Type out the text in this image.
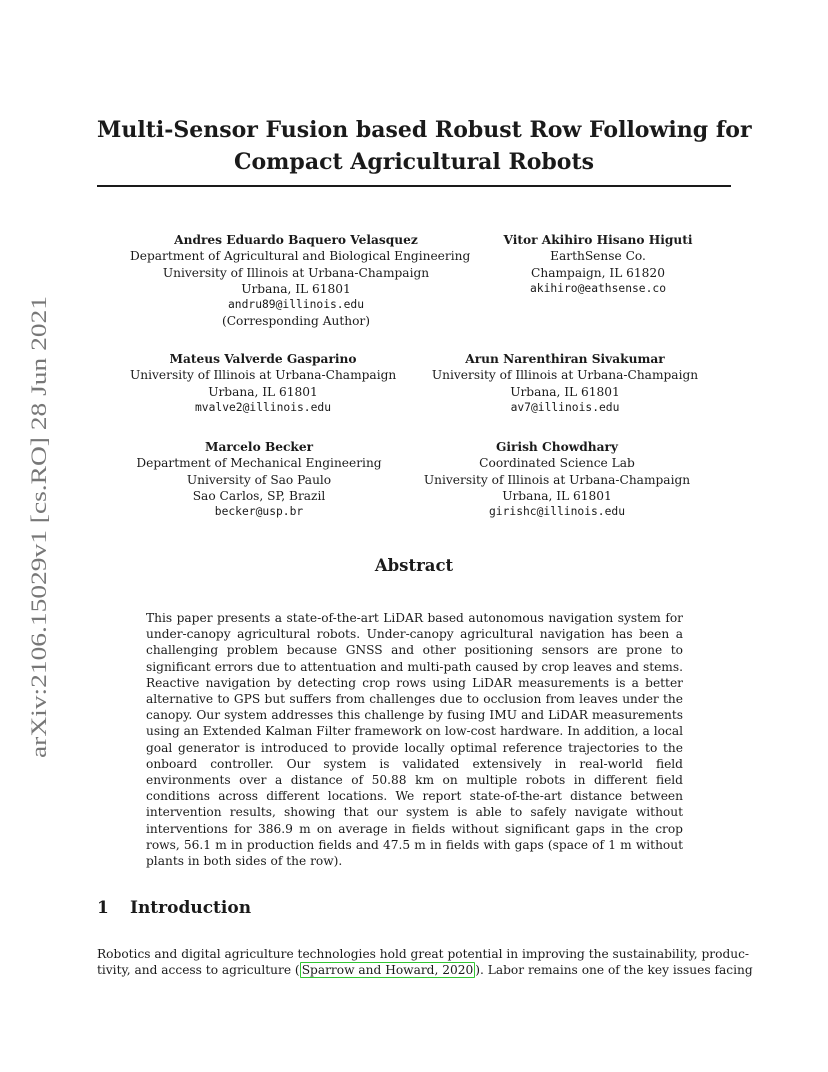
arXiv:2106.15029v1 [cs.RO] 28 Jun 2021
Multi-Sensor Fusion based Robust Row Following for
Compact Agricultural Robots
Andres Eduardo Baquero Velasquez
Department of Agricultural and Biological Engineering
University of Illinois at Urbana-Champaign
Urbana, IL 61801
andru89@illinois.edu
(Corresponding Author)
Vitor Akihiro Hisano Higuti
EarthSense Co.
Champaign, IL 61820
akihiro@eathsense.co
Mateus Valverde Gasparino
University of Illinois at Urbana-Champaign
Urbana, IL 61801
mvalve2@illinois.edu
Arun Narenthiran Sivakumar
University of Illinois at Urbana-Champaign
Urbana, IL 61801
av7@illinois.edu
Marcelo Becker
Department of Mechanical Engineering
University of Sao Paulo
Sao Carlos, SP, Brazil
becker@usp.br
Girish Chowdhary
Coordinated Science Lab
University of Illinois at Urbana-Champaign
Urbana, IL 61801
girishc@illinois.edu
Abstract
This paper presents a state-of-the-art LiDAR based autonomous navigation system for under-canopy agricultural robots. Under-canopy agricultural navigation has been a challenging problem because GNSS and other positioning sensors are prone to significant errors due to attentuation and multi-path caused by crop leaves and stems. Reactive navigation by detecting crop rows using LiDAR measurements is a better alternative to GPS but suffers from challenges due to occlusion from leaves under the canopy. Our system addresses this challenge by fusing IMU and LiDAR measurements using an Extended Kalman Filter framework on low-cost hardware. In addition, a local goal generator is introduced to provide locally optimal reference trajectories to the onboard controller. Our system is validated extensively in real-world field environments over a distance of 50.88 km on multiple robots in different field conditions across different locations. We report state-of-the-art distance between intervention results, showing that our system is able to safely navigate without interventions for 386.9 m on average in fields without significant gaps in the crop rows, 56.1 m in production fields and 47.5 m in fields with gaps (space of 1 m without plants in both sides of the row).
1 Introduction
Robotics and digital agriculture technologies hold great potential in improving the sustainability, produc-
tivity, and access to agriculture ( Sparrow and Howard, 2020 ). Labor remains one of the key issues facing
